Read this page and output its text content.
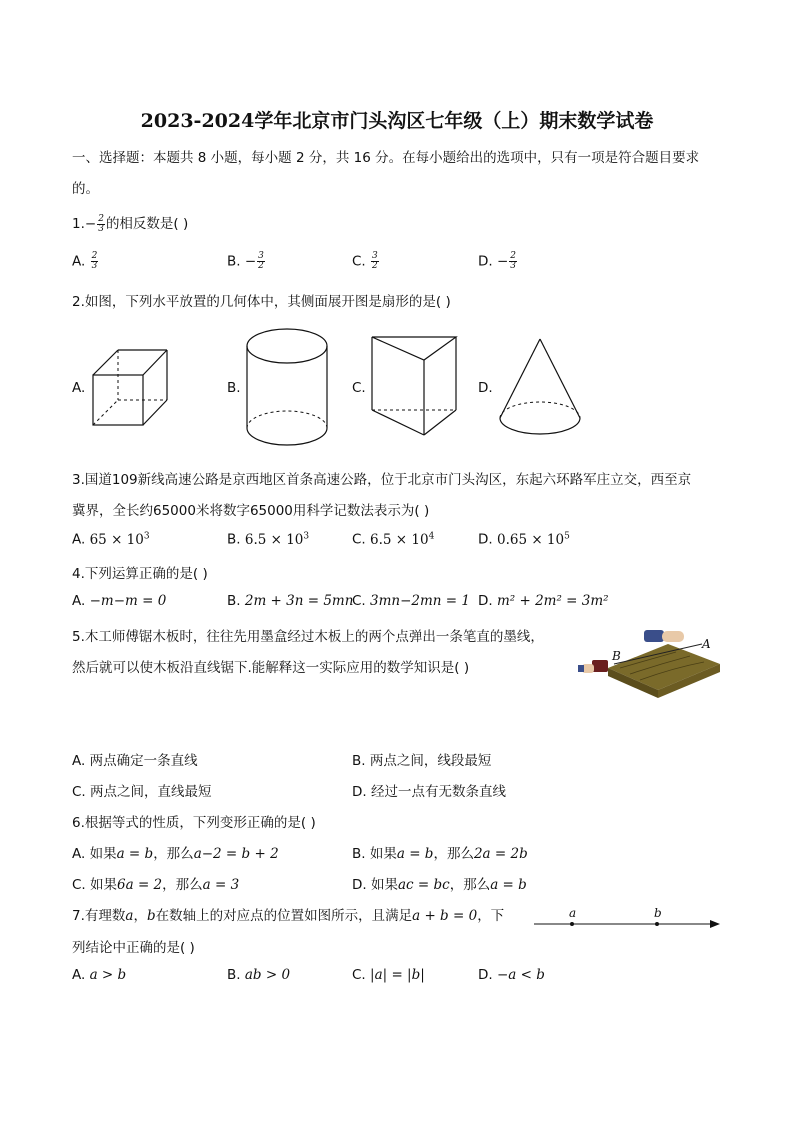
2023-2024学年北京市门头沟区七年级（上）期末数学试卷
一、选择题：本题共 8 小题，每小题 2 分，共 16 分。在每小题给出的选项中，只有一项是符合题目要求
的。
$1.- \frac{2}{3}$ 的相反数是( )
A. $\frac{2}{3}$	B. − $\frac{3}{2}$	C. $\frac{3}{2}$	D. − $\frac{2}{3}$
2.如图，下列水平放置的几何体中，其侧面展开图是扇形的是( )
A.	B.	C.	D.
3.国道109新线高速公路是京西地区首条高速公路，位于北京市门头沟区，东起六环路军庄立交，西至京
冀界，全长约65000米将数字65000用科学记数法表示为( )
A. $65 \times 10^3$	B. $6.5 \times 10^3$	C. $6.5 \times 10^4$	D. $0.65 \times 10^5$
4.下列运算正确的是( )
A. −m−m = 0	B. 2m + 3n = 5mn
C. 3mn−2mn = 1 D. m² + 2m² = 3m²
5.木工师傅锯木板时，往往先用墨盒经过木板上的两个点弹出一条笔直的墨线，
然后就可以使木板沿直线锯下.能解释这一实际应用的数学知识是( )
B
A
A. 两点确定一条直线	B. 两点之间，线段最短
C. 两点之间，直线最短	D. 经过一点有无数条直线
6.根据等式的性质，下列变形正确的是( )
A. 如果a = b，那么a−2 = b + 2	B. 如果a = b，那么2a = 2b
C. 如果6a = 2，那么a = 3	D. 如果ac = bc，那么a = b
7.有理数a，b在数轴上的对应点的位置如图所示，且满足a + b = 0，下
列结论中正确的是( )
a	b
A. a > b	B. ab > 0	C. |a| = |b|	D. −a < b
